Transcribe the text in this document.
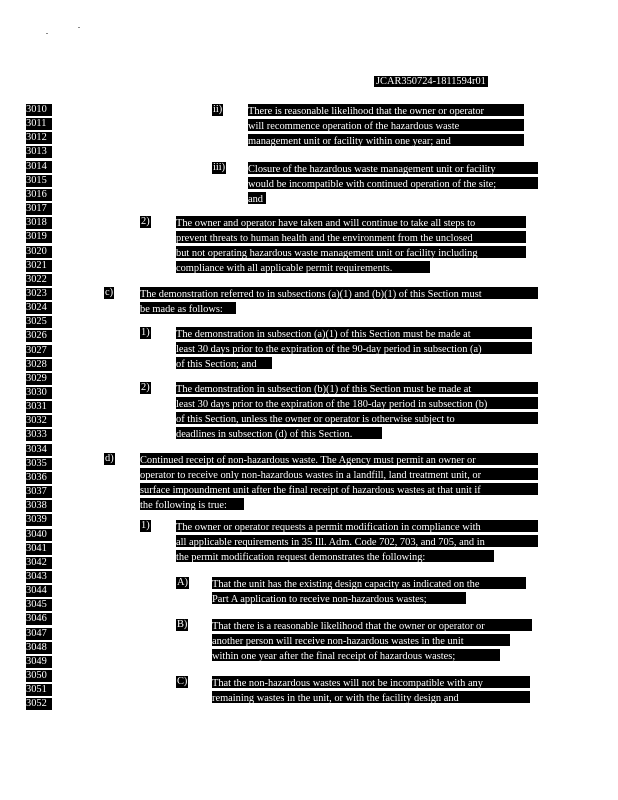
JCAR350724-1811594r01
3010
3011
3012
3013
3014
3015
3016
3017
3018
3019
3020
3021
3022
3023
3024
3025
3026
3027
3028
3029
3030
3031
3032
3033
3034
3035
3036
3037
3038
3039
3040
3041
3042
3043
3044
3045
3046
3047
3048
3049
3050
3051
3052
ii) There is reasonable likelihood that the owner or operator
will recommence operation of the hazardous waste
management unit or facility within one year; and
iii) Closure of the hazardous waste management unit or facility
would be incompatible with continued operation of the site;
and
2)	The owner and operator have taken and will continue to take all steps to
prevent threats to human health and the environment from the unclosed
but not operating hazardous waste management unit or facility including
compliance with all applicable permit requirements.
c)	The demonstration referred to in subsections (a)(1) and (b)(1) of this Section must
be made as follows:
1)	The demonstration in subsection (a)(1) of this Section must be made at
least 30 days prior to the expiration of the 90-day period in subsection (a)
of this Section; and
2)	The demonstration in subsection (b)(1) of this Section must be made at
least 30 days prior to the expiration of the 180-day period in subsection (b)
of this Section, unless the owner or operator is otherwise subject to
deadlines in subsection (d) of this Section.
d)	Continued receipt of non-hazardous waste. The Agency must permit an owner or
operator to receive only non-hazardous wastes in a landfill, land treatment unit, or
surface impoundment unit after the final receipt of hazardous wastes at that unit if
the following is true:
1)	The owner or operator requests a permit modification in compliance with
all applicable requirements in 35 Ill. Adm. Code 702, 703, and 705, and in
the permit modification request demonstrates the following:
A) That the unit has the existing design capacity as indicated on the
Part A application to receive non-hazardous wastes;
B) That there is a reasonable likelihood that the owner or operator or
another person will receive non-hazardous wastes in the unit
within one year after the final receipt of hazardous wastes;
C) That the non-hazardous wastes will not be incompatible with any
remaining wastes in the unit, or with the facility design and
